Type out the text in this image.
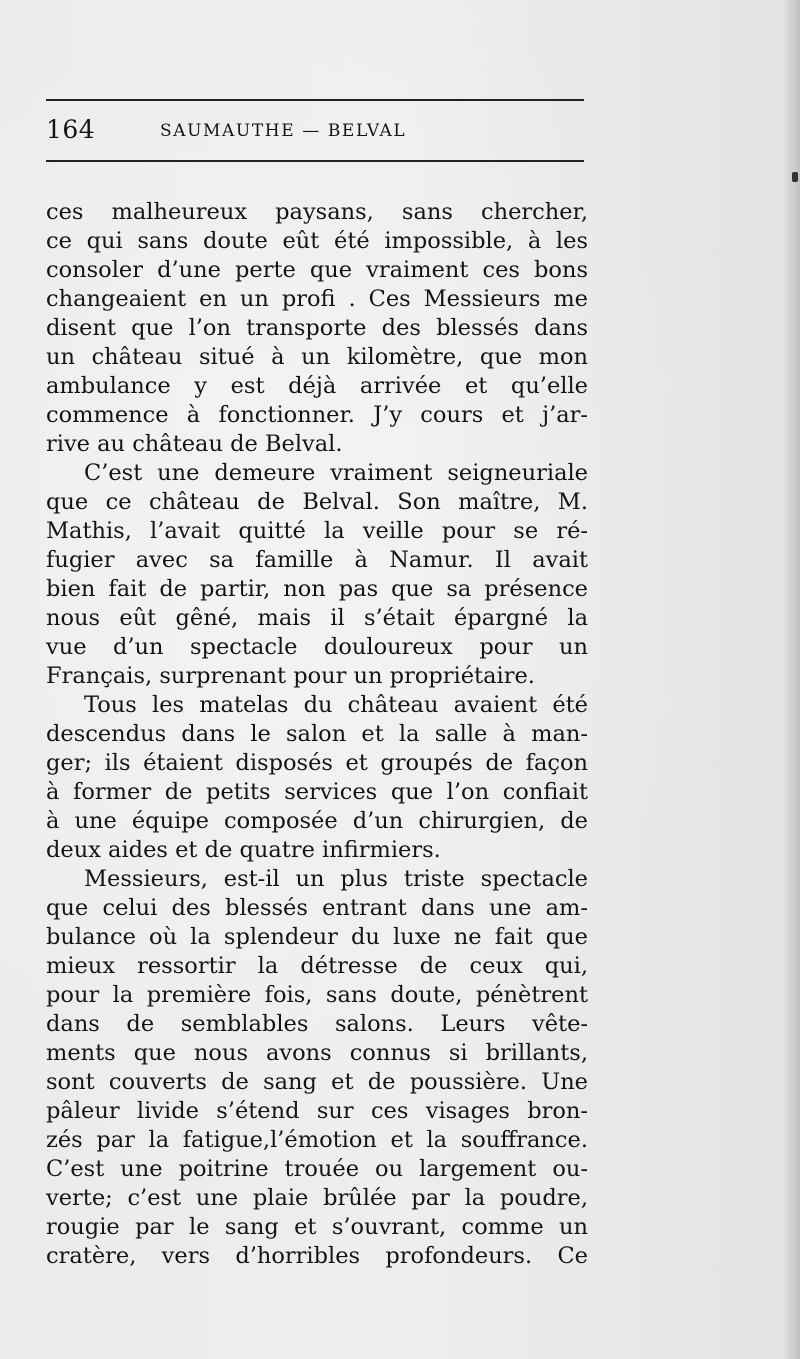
164	SAUMAUTHE — BELVAL
ces malheureux paysans, sans chercher,
ce qui sans doute eût été impossible, à les
consoler d’une perte que vraiment ces bons
changeaient en un profi . Ces Messieurs me
disent que l’on transporte des blessés dans
un château situé à un kilomètre, que mon
ambulance y est déjà arrivée et qu’elle
commence à fonctionner. J’y cours et j’ar-
rive au château de Belval.
C’est une demeure vraiment seigneuriale
que ce château de Belval. Son maître, M.
Mathis, l’avait quitté la veille pour se ré-
fugier avec sa famille à Namur. Il avait
bien fait de partir, non pas que sa présence
nous eût gêné, mais il s’était épargné la
vue d’un spectacle douloureux pour un
Français, surprenant pour un propriétaire.
Tous les matelas du château avaient été
descendus dans le salon et la salle à man-
ger; ils étaient disposés et groupés de façon
à former de petits services que l’on confiait
à une équipe composée d’un chirurgien, de
deux aides et de quatre infirmiers.
Messieurs, est-il un plus triste spectacle
que celui des blessés entrant dans une am-
bulance où la splendeur du luxe ne fait que
mieux ressortir la détresse de ceux qui,
pour la première fois, sans doute, pénètrent
dans de semblables salons. Leurs vête-
ments que nous avons connus si brillants,
sont couverts de sang et de poussière. Une
pâleur livide s’étend sur ces visages bron-
zés par la fatigue,l’émotion et la souffrance.
C’est une poitrine trouée ou largement ou-
verte; c’est une plaie brûlée par la poudre,
rougie par le sang et s’ouvrant, comme un
cratère, vers d’horribles profondeurs. Ce
